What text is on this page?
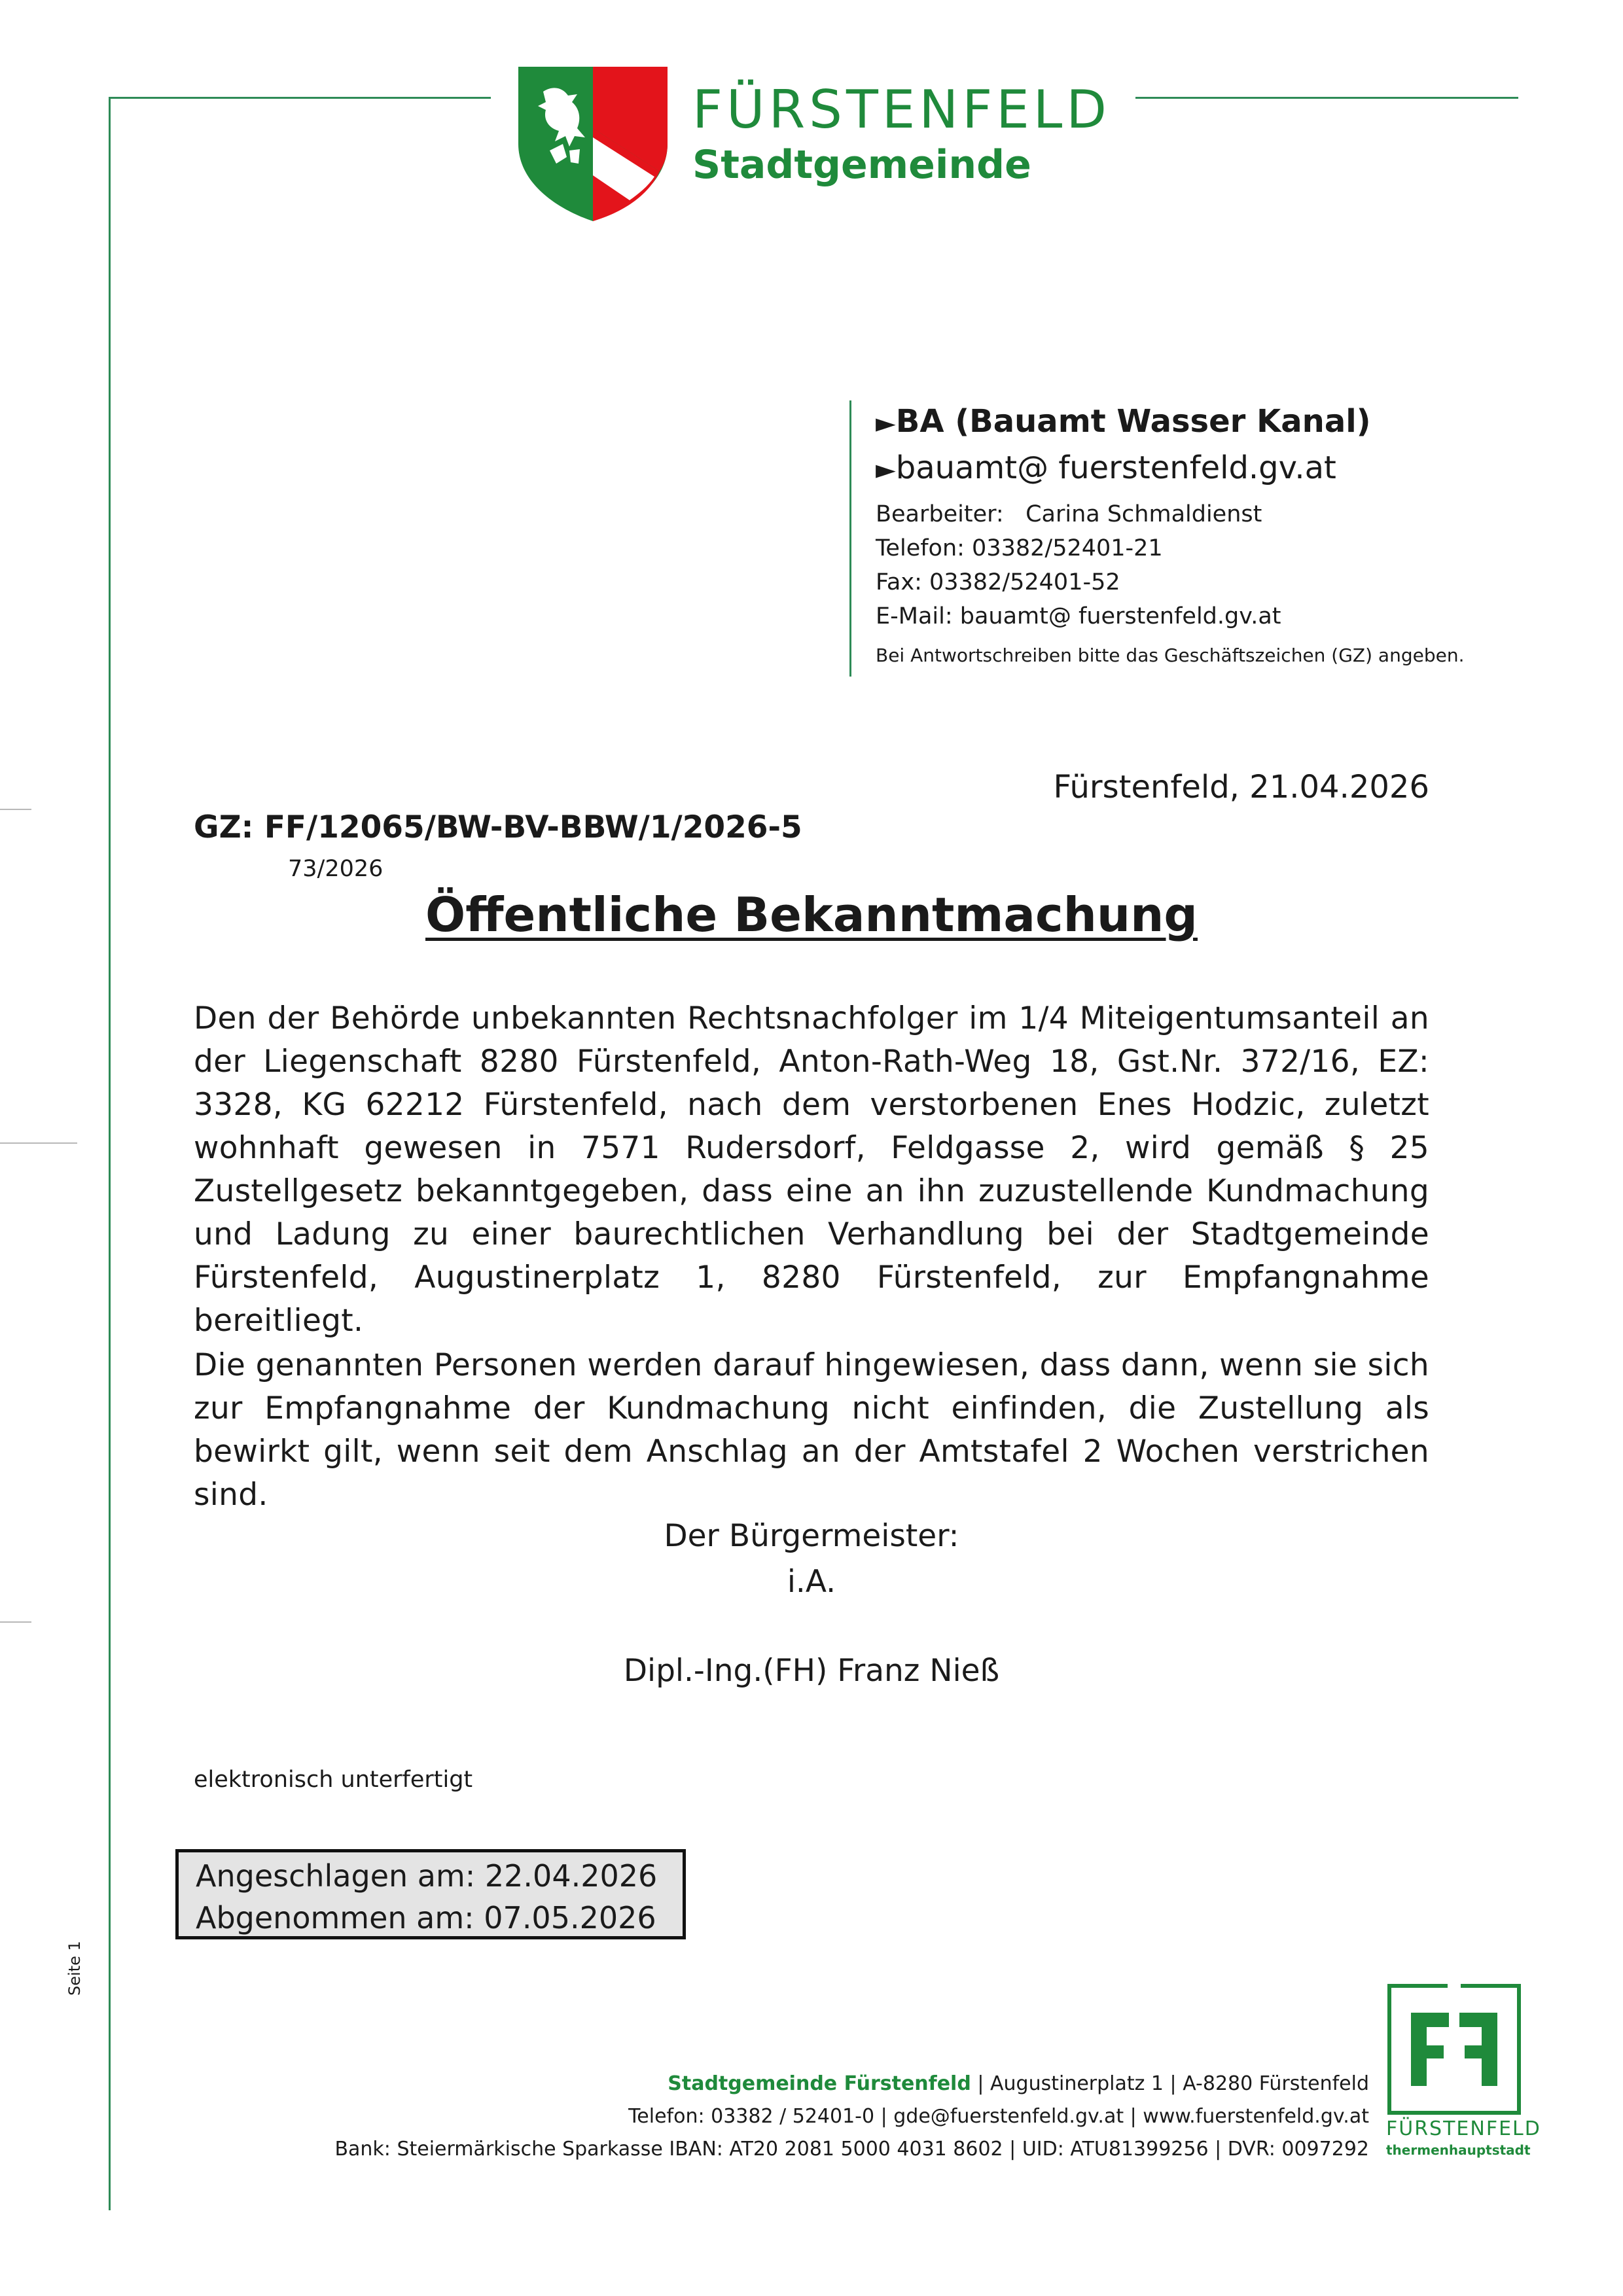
FÜRSTENFELD
Stadtgemeinde
►BA (Bauamt Wasser Kanal)
►bauamt@ fuerstenfeld.gv.at
Bearbeiter: Carina Schmaldienst
Telefon: 03382/52401-21
Fax: 03382/52401-52
E-Mail: bauamt@ fuerstenfeld.gv.at
Bei Antwortschreiben bitte das Geschäftszeichen (GZ) angeben.
Fürstenfeld, 21.04.2026
GZ: FF/12065/BW-BV-BBW/1/2026-5
73/2026
Öffentliche Bekanntmachung
Den der Behörde unbekannten Rechtsnachfolger im 1/4 Miteigentumsanteil an der Liegenschaft 8280 Fürstenfeld, Anton-Rath-Weg 18, Gst.Nr. 372/16, EZ: 3328, KG 62212 Fürstenfeld, nach dem verstorbenen Enes Hodzic, zuletzt wohnhaft gewesen in 7571 Rudersdorf, Feldgasse 2, wird gemäß § 25 Zustellgesetz bekanntgegeben, dass eine an ihn zuzustellende Kundmachung und Ladung zu einer baurechtlichen Verhandlung bei der Stadtgemeinde Fürstenfeld, Augustinerplatz 1, 8280 Fürstenfeld, zur Empfangnahme bereitliegt.
Die genannten Personen werden darauf hingewiesen, dass dann, wenn sie sich zur Empfangnahme der Kundmachung nicht einfinden, die Zustellung als bewirkt gilt, wenn seit dem Anschlag an der Amtstafel 2 Wochen verstrichen sind.
Der Bürgermeister:
i.A.
Dipl.-Ing.(FH) Franz Nieß
elektronisch unterfertigt
Angeschlagen am: 22.04.2026
Abgenommen am: 07.05.2026
Seite 1
Stadtgemeinde Fürstenfeld | Augustinerplatz 1 | A-8280 Fürstenfeld
Telefon: 03382 / 52401-0 | gde@fuerstenfeld.gv.at | www.fuerstenfeld.gv.at
Bank: Steiermärkische Sparkasse IBAN: AT20 2081 5000 4031 8602 | UID: ATU81399256 | DVR: 0097292
FÜRSTENFELD
thermenhauptstadt
